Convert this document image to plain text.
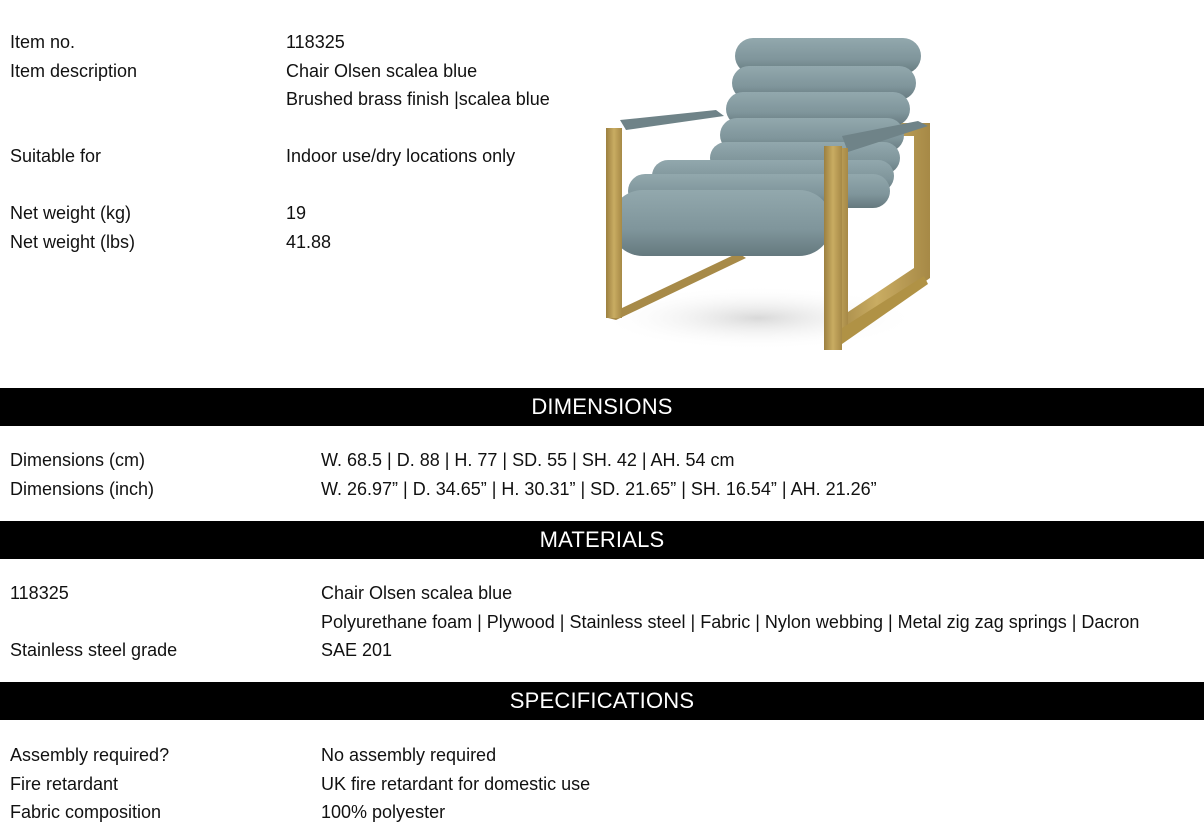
Item no.	118325
Item description	Chair Olsen scalea blue
Brushed brass finish |scalea blue
Suitable for	Indoor use/dry locations only
Net weight (kg)	19
Net weight (lbs)	41.88
DIMENSIONS
Dimensions (cm)	W. 68.5 | D. 88 | H. 77 | SD. 55 | SH. 42 | AH. 54 cm
Dimensions (inch)	W. 26.97” | D. 34.65” | H. 30.31” | SD. 21.65” | SH. 16.54” | AH. 21.26”
MATERIALS
118325	Chair Olsen scalea blue
Polyurethane foam | Plywood | Stainless steel | Fabric | Nylon webbing | Metal zig zag springs | Dacron
Stainless steel grade	SAE 201
SPECIFICATIONS
Assembly required?	No assembly required
Fire retardant	UK fire retardant for domestic use
Fabric composition	100% polyester
